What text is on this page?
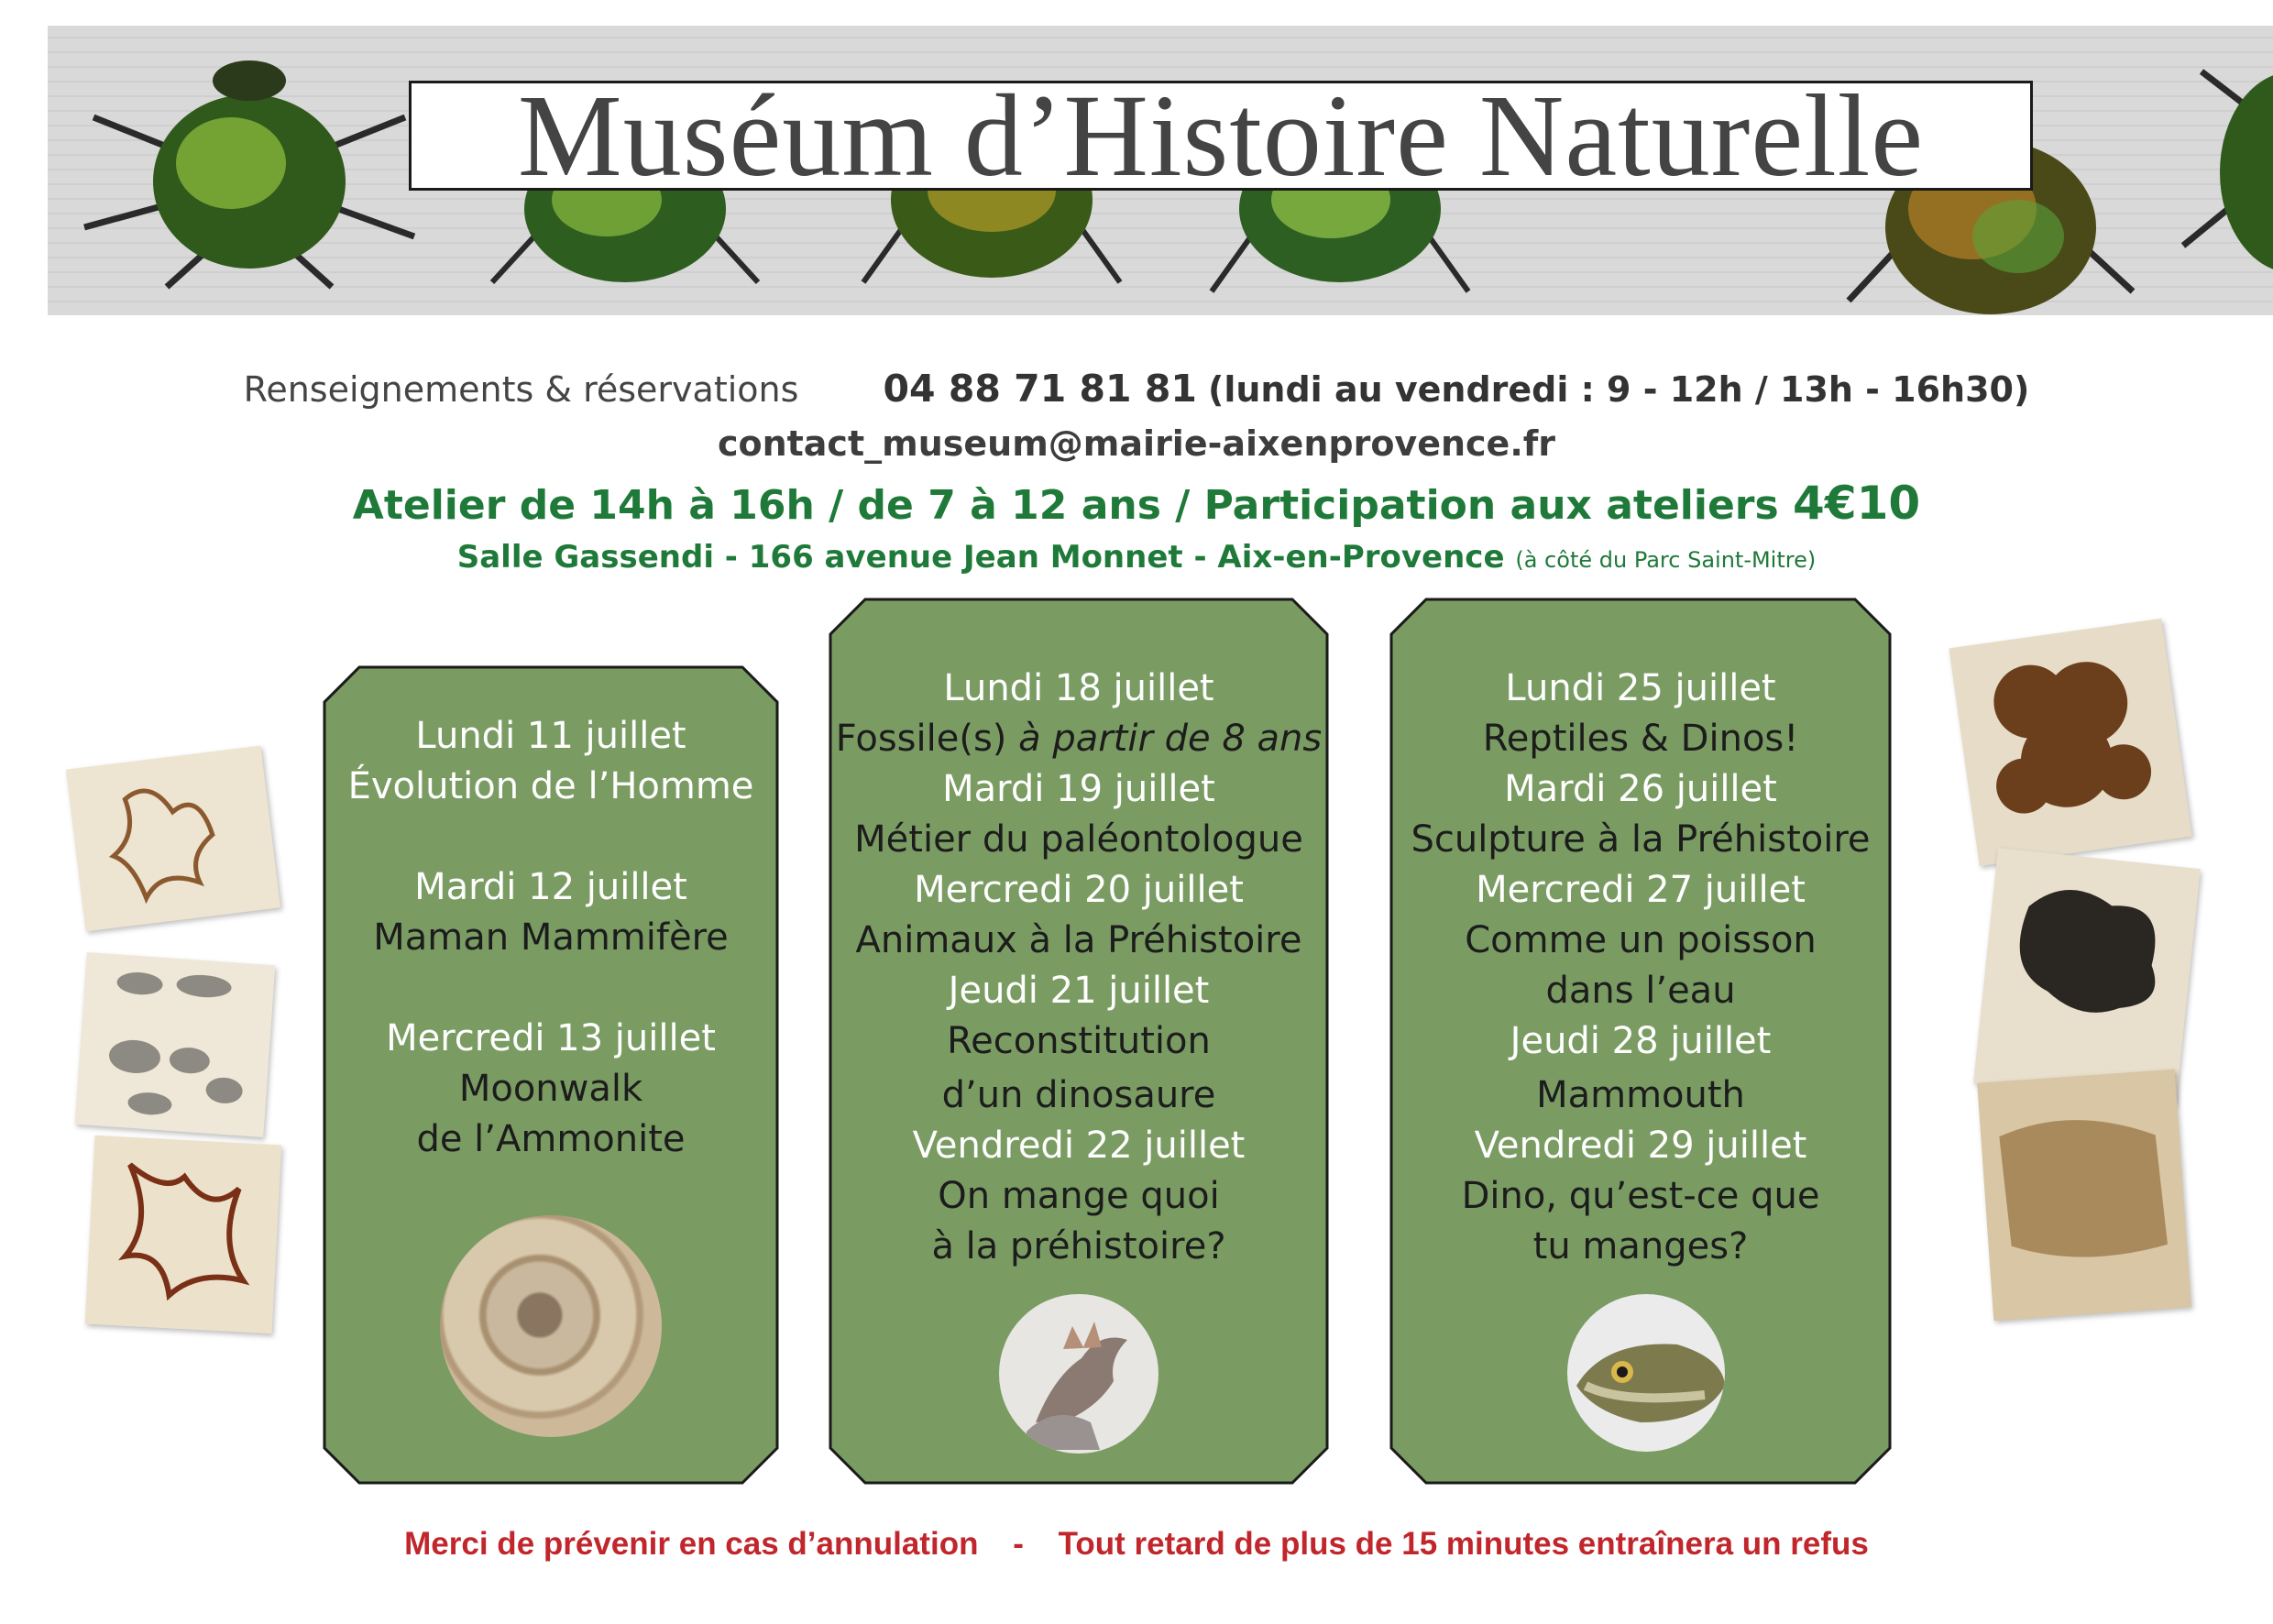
Muséum d’Histoire Naturelle
Renseignements & réservations 04 88 71 81 81 (lundi au vendredi : 9 - 12h / 13h - 16h30)
contact_museum@mairie-aixenprovence.fr
Atelier de 14h à 16h / de 7 à 12 ans / Participation aux ateliers 4€10
Salle Gassendi - 166 avenue Jean Monnet - Aix-en-Provence (à côté du Parc Saint-Mitre)
Lundi 11 juillet
Évolution de l’Homme
Mardi 12 juillet
Maman Mammifère
Mercredi 13 juillet
Moonwalk
de l’Ammonite
Lundi 18 juillet
Fossile(s) à partir de 8 ans
Mardi 19 juillet
Métier du paléontologue
Mercredi 20 juillet
Animaux à la Préhistoire
Jeudi 21 juillet
Reconstitution
d’un dinosaure
Vendredi 22 juillet
On mange quoi
à la préhistoire?
Lundi 25 juillet
Reptiles & Dinos!
Mardi 26 juillet
Sculpture à la Préhistoire
Mercredi 27 juillet
Comme un poisson
dans l’eau
Jeudi 28 juillet
Mammouth
Vendredi 29 juillet
Dino, qu’est-ce que
tu manges?
Merci de prévenir en cas d’annulation - Tout retard de plus de 15 minutes entraînera un refus
